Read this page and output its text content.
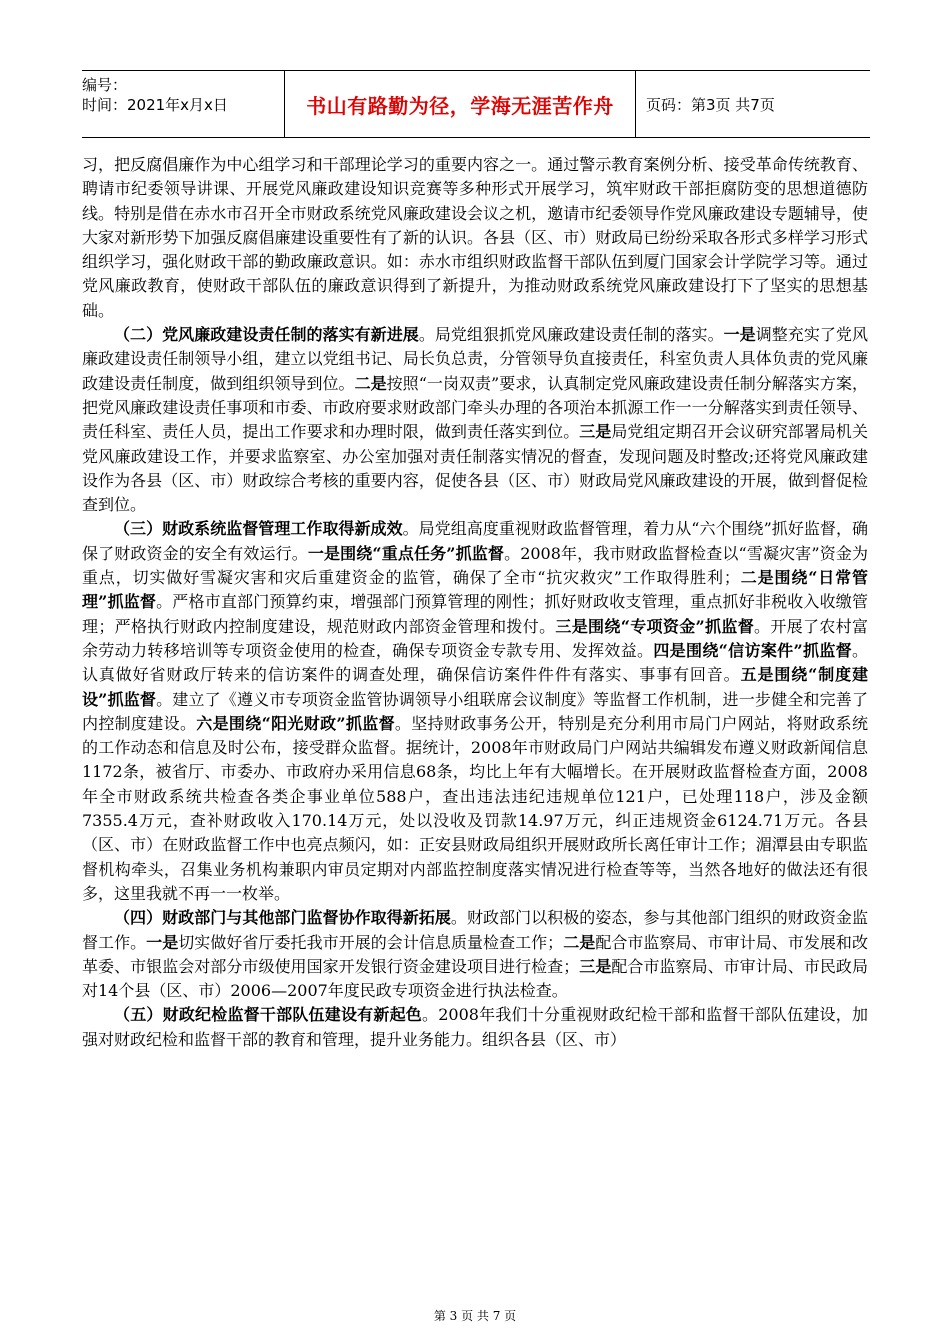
编号：
时间：2021年x月x日	书山有路勤为径，学海无涯苦作舟	页码：第3页 共7页

习，把反腐倡廉作为中心组学习和干部理论学习的重要内容之一。通过警示教育案例分析、接受革命传统教育、聘请市纪委领导讲课、开展党风廉政建设知识竞赛等多种形式开展学习，筑牢财政干部拒腐防变的思想道德防线。特别是借在赤水市召开全市财政系统党风廉政建设会议之机，邀请市纪委领导作党风廉政建设专题辅导，使大家对新形势下加强反腐倡廉建设重要性有了新的认识。各县（区、市）财政局已纷纷采取各形式多样学习形式组织学习，强化财政干部的勤政廉政意识。如：赤水市组织财政监督干部队伍到厦门国家会计学院学习等。通过党风廉政教育，使财政干部队伍的廉政意识得到了新提升，为推动财政系统党风廉政建设打下了坚实的思想基础。

（二）党风廉政建设责任制的落实有新进展。局党组狠抓党风廉政建设责任制的落实。一是调整充实了党风廉政建设责任制领导小组，建立以党组书记、局长负总责，分管领导负直接责任，科室负责人具体负责的党风廉政建设责任制度，做到组织领导到位。二是按照“一岗双责”要求，认真制定党风廉政建设责任制分解落实方案，把党风廉政建设责任事项和市委、市政府要求财政部门牵头办理的各项治本抓源工作一一分解落实到责任领导、责任科室、责任人员，提出工作要求和办理时限，做到责任落实到位。三是局党组定期召开会议研究部署局机关党风廉政建设工作，并要求监察室、办公室加强对责任制落实情况的督查，发现问题及时整改;还将党风廉政建设作为各县（区、市）财政综合考核的重要内容，促使各县（区、市）财政局党风廉政建设的开展，做到督促检查到位。

（三）财政系统监督管理工作取得新成效。局党组高度重视财政监督管理，着力从“六个围绕”抓好监督，确保了财政资金的安全有效运行。一是围绕“重点任务”抓监督。2008年，我市财政监督检查以“雪凝灾害”资金为重点，切实做好雪凝灾害和灾后重建资金的监管，确保了全市“抗灾救灾”工作取得胜利；二是围绕“日常管理”抓监督。严格市直部门预算约束，增强部门预算管理的刚性；抓好财政收支管理，重点抓好非税收入收缴管理；严格执行财政内控制度建设，规范财政内部资金管理和拨付。三是围绕“专项资金”抓监督。开展了农村富余劳动力转移培训等专项资金使用的检查，确保专项资金专款专用、发挥效益。四是围绕“信访案件”抓监督。认真做好省财政厅转来的信访案件的调查处理，确保信访案件件件有落实、事事有回音。五是围绕“制度建设”抓监督。建立了《遵义市专项资金监管协调领导小组联席会议制度》等监督工作机制，进一步健全和完善了内控制度建设。六是围绕“阳光财政”抓监督。坚持财政事务公开，特别是充分利用市局门户网站，将财政系统的工作动态和信息及时公布，接受群众监督。据统计，2008年市财政局门户网站共编辑发布遵义财政新闻信息1172条，被省厅、市委办、市政府办采用信息68条，均比上年有大幅增长。在开展财政监督检查方面，2008年全市财政系统共检查各类企事业单位588户，查出违法违纪违规单位121户，已处理118户，涉及金额7355.4万元，查补财政收入170.14万元，处以没收及罚款14.97万元，纠正违规资金6124.71万元。各县（区、市）在财政监督工作中也亮点频闪，如：正安县财政局组织开展财政所长离任审计工作；湄潭县由专职监督机构牵头，召集业务机构兼职内审员定期对内部监控制度落实情况进行检查等等，当然各地好的做法还有很多，这里我就不再一一枚举。

（四）财政部门与其他部门监督协作取得新拓展。财政部门以积极的姿态，参与其他部门组织的财政资金监督工作。一是切实做好省厅委托我市开展的会计信息质量检查工作；二是配合市监察局、市审计局、市发展和改革委、市银监会对部分市级使用国家开发银行资金建设项目进行检查；三是配合市监察局、市审计局、市民政局对14个县（区、市）2006—2007年度民政专项资金进行执法检查。

（五）财政纪检监督干部队伍建设有新起色。2008年我们十分重视财政纪检干部和监督干部队伍建设，加强对财政纪检和监督干部的教育和管理，提升业务能力。组织各县（区、市）

第 3 页 共 7 页
